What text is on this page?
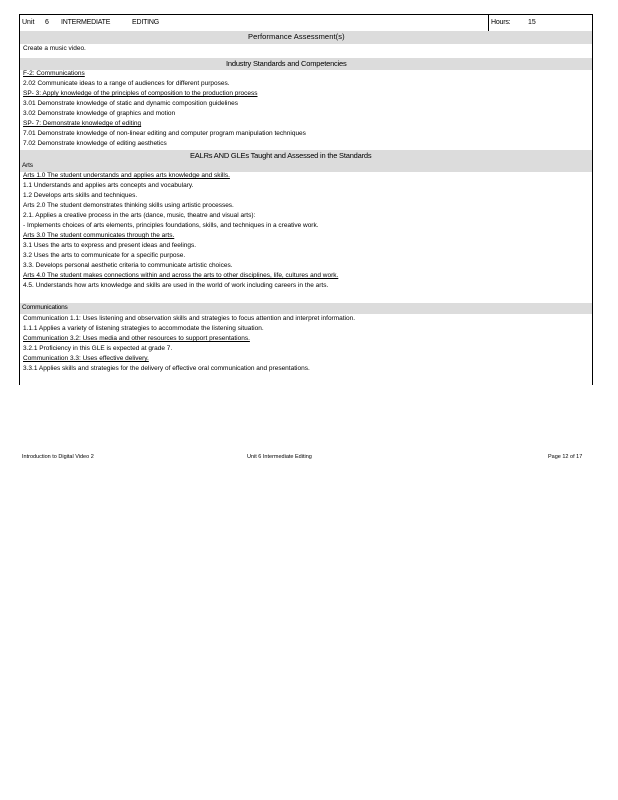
Unit 6 INTERMEDIATE	EDITING	Hours:	15
Performance Assessment(s)
Create a music video.
Industry Standards and Competencies
F-2: Communications
2.02 Communicate ideas to a range of audiences for different purposes.
SP- 3: Apply knowledge of the principles of composition to the production process
3.01 Demonstrate knowledge of static and dynamic composition guidelines
3.02 Demonstrate knowledge of graphics and motion
SP- 7: Demonstrate knowledge of editing
7.01 Demonstrate knowledge of non-linear editing and computer program manipulation techniques
7.02 Demonstrate knowledge of editing aesthetics
EALRs AND GLEs Taught and Assessed in the Standards
Arts
Arts 1.0 The student understands and applies arts knowledge and skills.
1.1 Understands and applies arts concepts and vocabulary.
1.2 Develops arts skills and techniques.
Arts 2.0 The student demonstrates thinking skills using artistic processes.
2.1. Applies a creative process in the arts (dance, music, theatre and visual arts):
- Implements choices of arts elements, principles foundations, skills, and techniques in a creative work.
Arts 3.0 The student communicates through the arts.
3.1 Uses the arts to express and present ideas and feelings.
3.2 Uses the arts to communicate for a specific purpose.
3.3. Develops personal aesthetic criteria to communicate artistic choices.
Arts 4.0 The student makes connections within and across the arts to other disciplines, life, cultures and work.
4.5. Understands how arts knowledge and skills are used in the world of work including careers in the arts.
Communications
Communication 1.1: Uses listening and observation skills and strategies to focus attention and interpret information.
1.1.1 Applies a variety of listening strategies to accommodate the listening situation.
Communication 3.2: Uses media and other resources to support presentations.
3.2.1 Proficiency in this GLE is expected at grade 7.
Communication 3.3: Uses effective delivery.
3.3.1 Applies skills and strategies for the delivery of effective oral communication and presentations.
Introduction to Digital Video 2	Unit 6 Intermediate Editing	Page 12 of 17
